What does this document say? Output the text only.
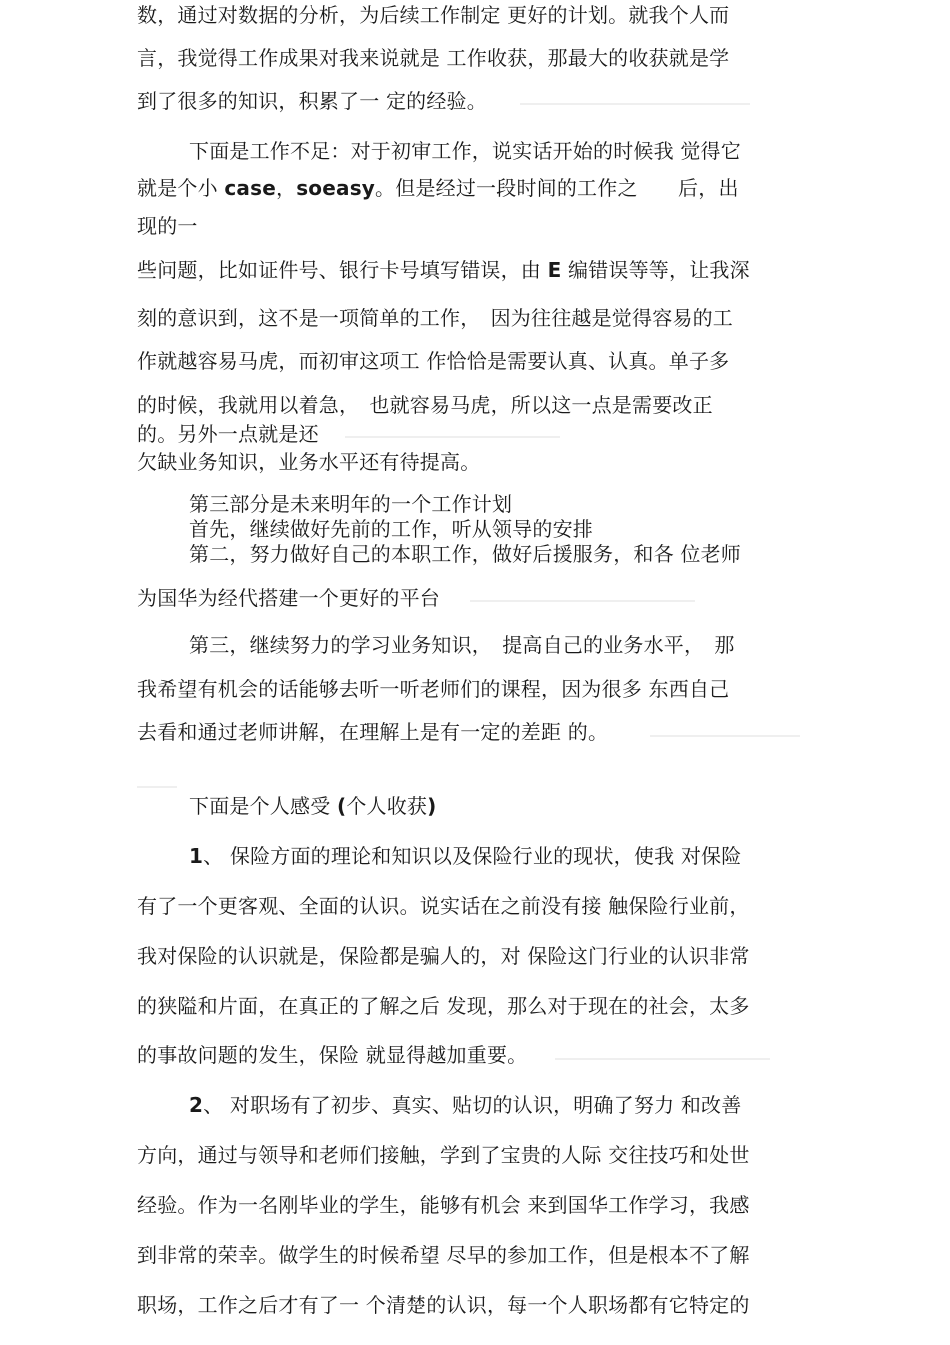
数，通过对数据的分析，为后续工作制定 更好的计划。就我个人而
言，我觉得工作成果对我来说就是 工作收获，那最大的收获就是学
到了很多的知识，积累了一 定的经验。
下面是工作不足：对于初审工作，说实话开始的时候我 觉得它
就是个小 case，soeasy。但是经过一段时间的工作之　　后，出
现的一
些问题，比如证件号、银行卡号填写错误，由 E 编错误等等，让我深
刻的意识到，这不是一项简单的工作，　因为往往越是觉得容易的工
作就越容易马虎，而初审这项工 作恰恰是需要认真、认真。单子多
的时候，我就用以着急，　也就容易马虎，所以这一点是需要改正
的。另外一点就是还
欠缺业务知识，业务水平还有待提高。
第三部分是未来明年的一个工作计划
首先，继续做好先前的工作，听从领导的安排
第二，努力做好自己的本职工作，做好后援服务，和各 位老师
为国华为经代搭建一个更好的平台
第三，继续努力的学习业务知识，　提高自己的业务水平，　那
我希望有机会的话能够去听一听老师们的课程，因为很多 东西自己
去看和通过老师讲解，在理解上是有一定的差距 的。
下面是个人感受 (个人收获)
1、 保险方面的理论和知识以及保险行业的现状，使我 对保险
有了一个更客观、全面的认识。说实话在之前没有接 触保险行业前，
我对保险的认识就是，保险都是骗人的，对 保险这门行业的认识非常
的狭隘和片面，在真正的了解之后 发现，那么对于现在的社会，太多
的事故问题的发生，保险 就显得越加重要。
2、 对职场有了初步、真实、贴切的认识，明确了努力 和改善
方向，通过与领导和老师们接触，学到了宝贵的人际 交往技巧和处世
经验。作为一名刚毕业的学生，能够有机会 来到国华工作学习，我感
到非常的荣幸。做学生的时候希望 尽早的参加工作，但是根本不了解
职场，工作之后才有了一 个清楚的认识，每一个人职场都有它特定的
